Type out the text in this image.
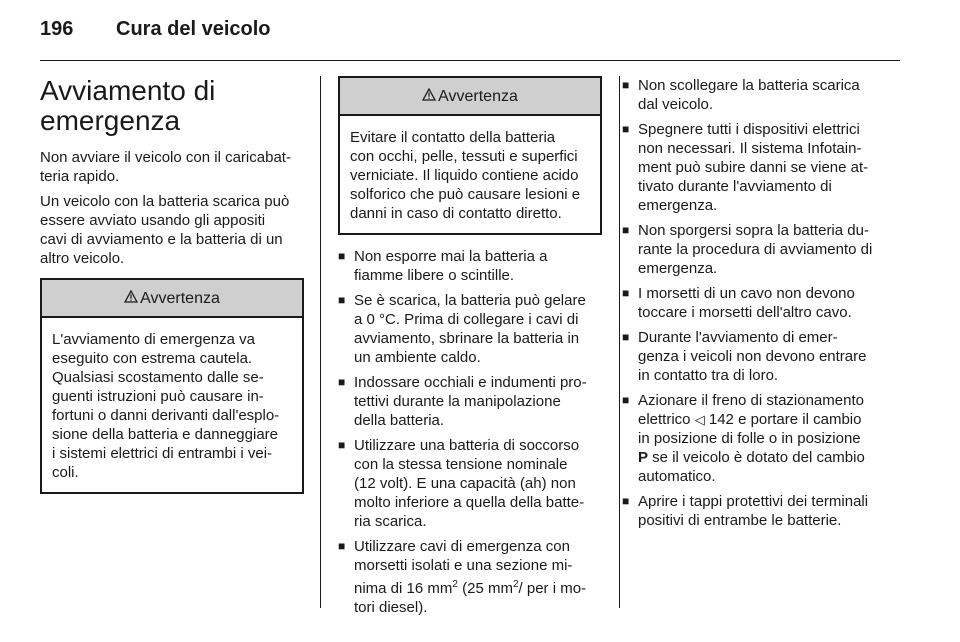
196 Cura del veicolo
Avviamento di
emergenza

Non avviare il veicolo con il caricabat-
teria rapido.

Un veicolo con la batteria scarica può
essere avviato usando gli appositi
cavi di avviamento e la batteria di un
altro veicolo.

Avvertenza
L'avviamento di emergenza va
eseguito con estrema cautela.
Qualsiasi scostamento dalle se-
guenti istruzioni può causare in-
fortuni o danni derivanti dall'esplo-
sione della batteria e danneggiare
i sistemi elettrici di entrambi i vei-
coli.
Avvertenza
Evitare il contatto della batteria
con occhi, pelle, tessuti e superfici
verniciate. Il liquido contiene acido
solforico che può causare lesioni e
danni in caso di contatto diretto.
■ Non esporre mai la batteria a
fiamme libere o scintille.
■ Se è scarica, la batteria può gelare
a 0 °C. Prima di collegare i cavi di
avviamento, sbrinare la batteria in
un ambiente caldo.
■ Indossare occhiali e indumenti pro-
tettivi durante la manipolazione
della batteria.
■ Utilizzare una batteria di soccorso
con la stessa tensione nominale
(12 volt). E una capacità (ah) non
molto inferiore a quella della batte-
ria scarica.
■ Utilizzare cavi di emergenza con
morsetti isolati e una sezione mi-
nima di 16 $mm^2$ (25 $mm^2/$ per i mo-
tori diesel).
■ Non scollegare la batteria scarica
dal veicolo.
■ Spegnere tutti i dispositivi elettrici
non necessari. Il sistema Infotain-
ment può subire danni se viene at-
tivato durante l'avviamento di
emergenza.
■ Non sporgersi sopra la batteria du-
rante la procedura di avviamento di
emergenza.
■ I morsetti di un cavo non devono
toccare i morsetti dell'altro cavo.
■ Durante l'avviamento di emer-
genza i veicoli non devono entrare
in contatto tra di loro.
■ Azionare il freno di stazionamento
elettrico ◁ 142 e portare il cambio
in posizione di folle o in posizione
P se il veicolo è dotato del cambio
automatico.
■ Aprire i tappi protettivi dei terminali
positivi di entrambe le batterie.
